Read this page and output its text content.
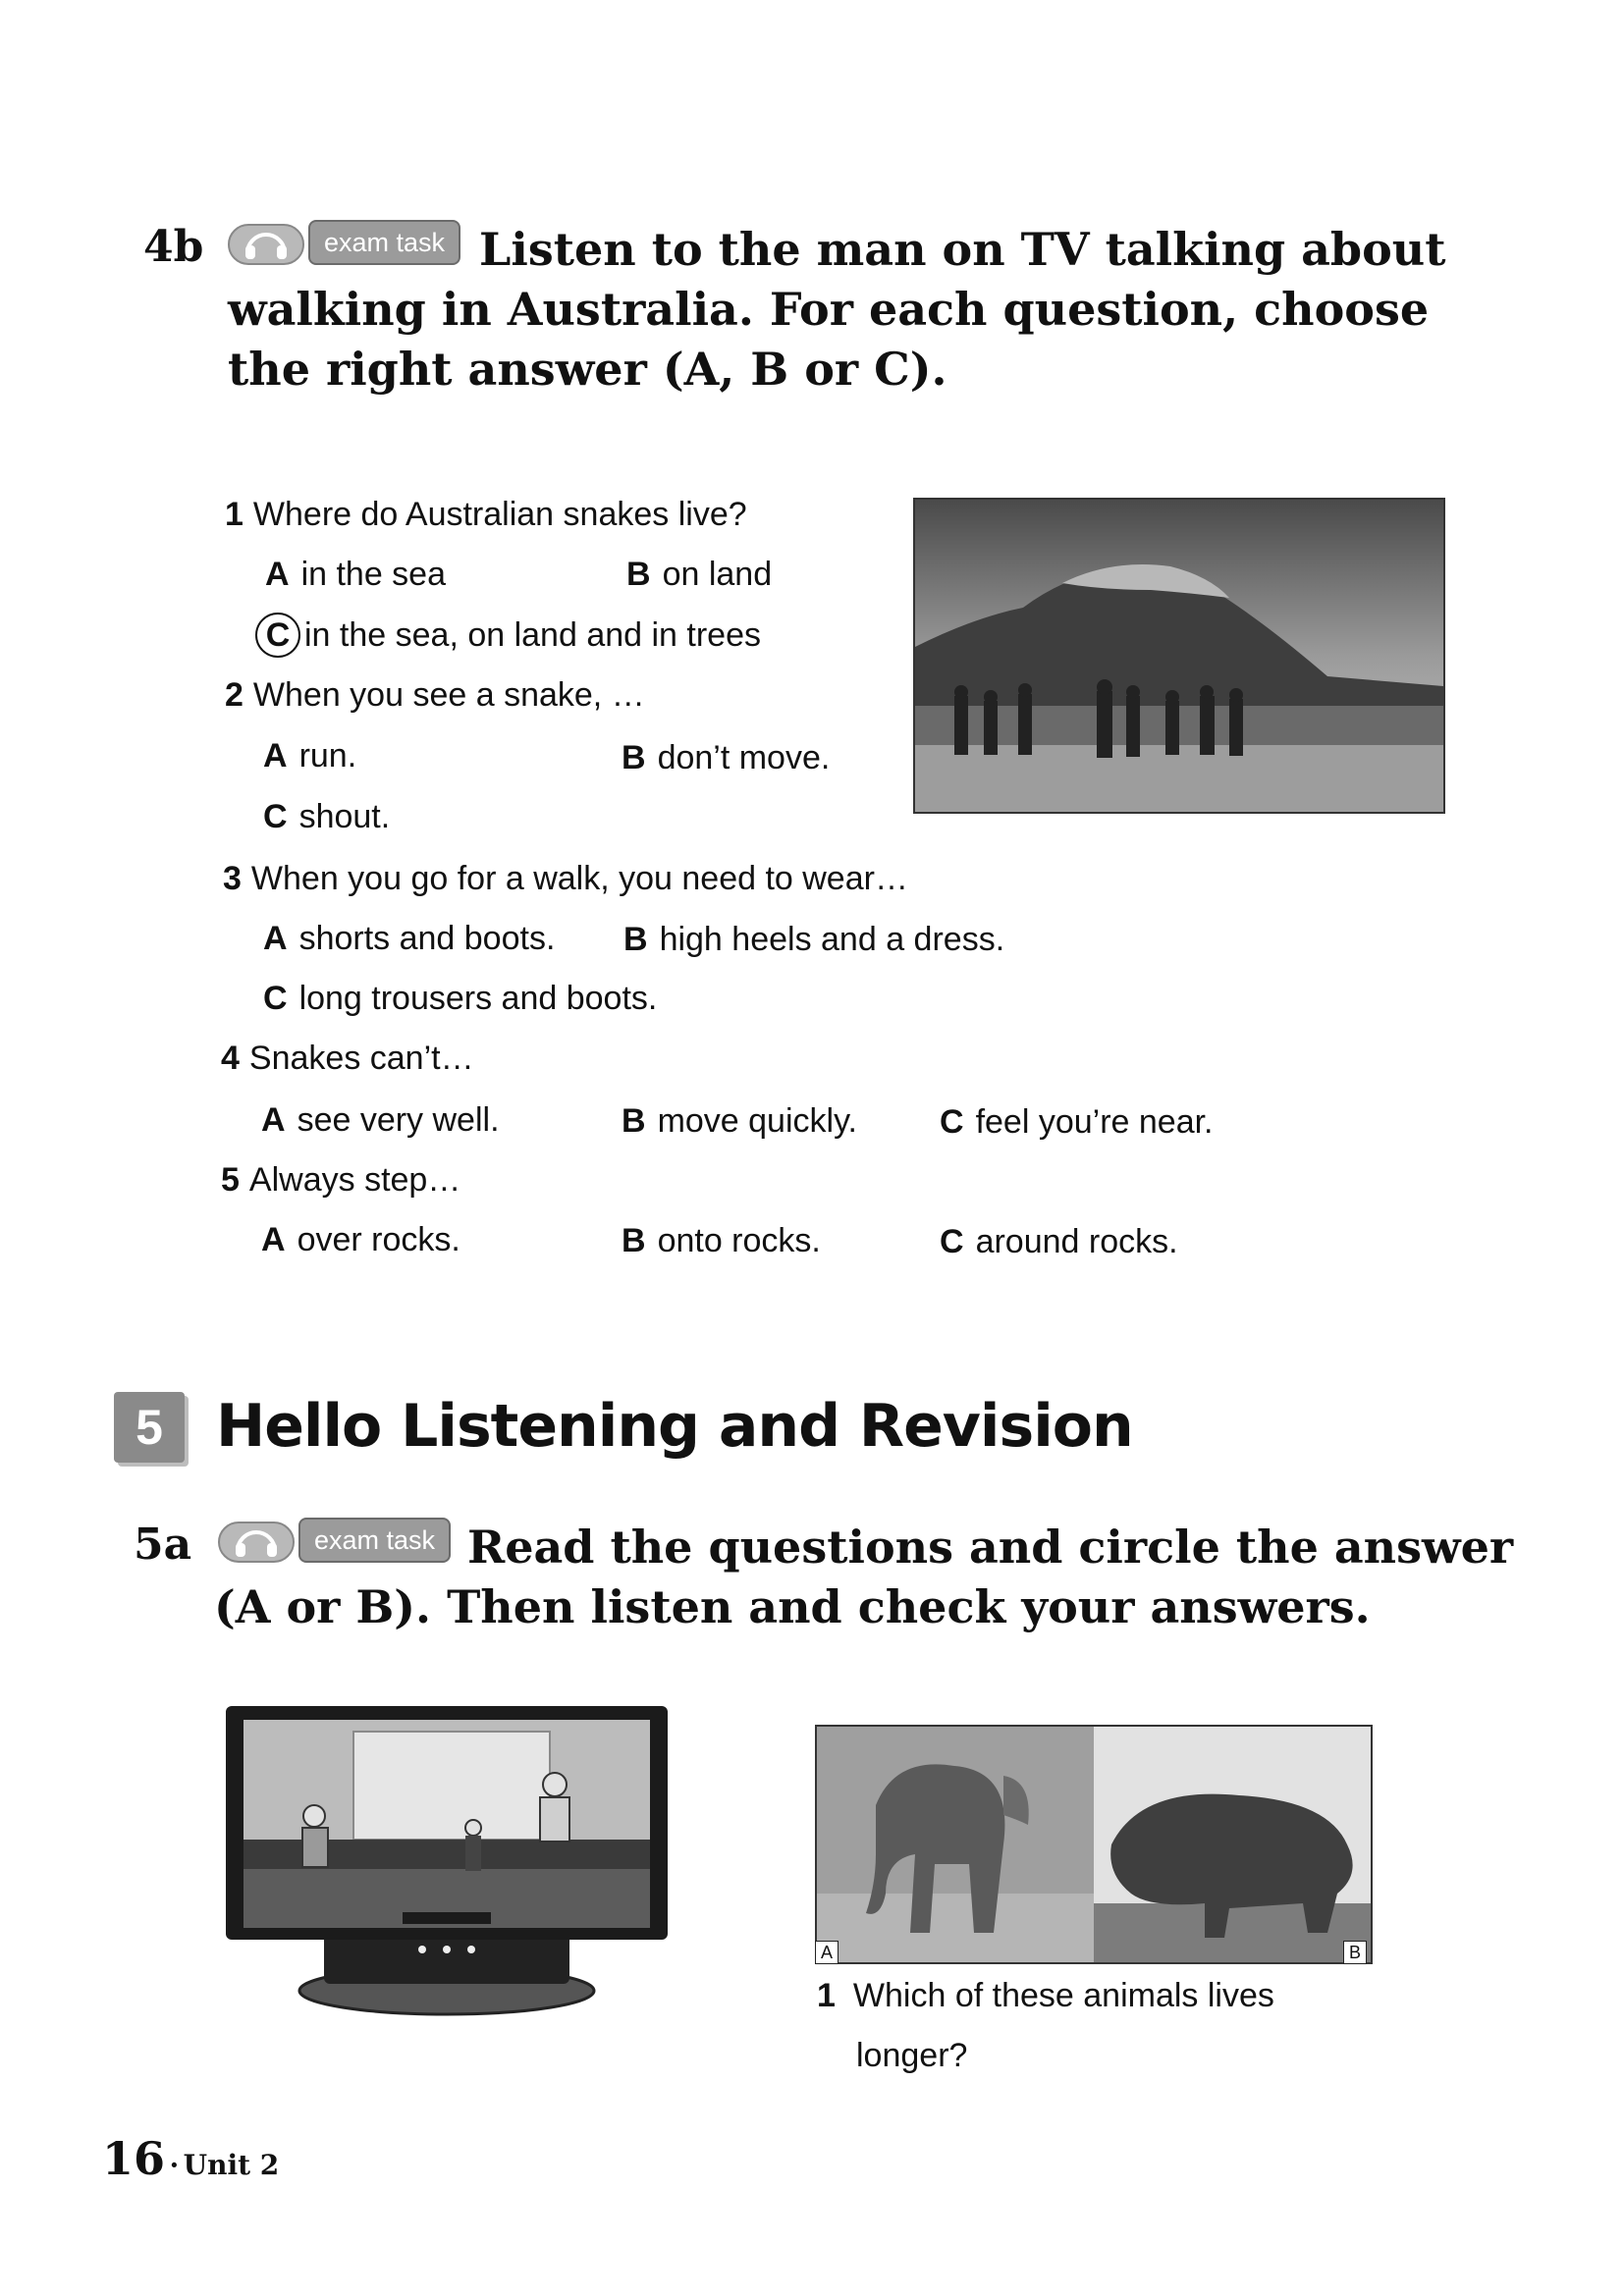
4b	exam task Listen to the man on TV talking about
walking in Australia. For each question, choose
the right answer (A, B or C).
1 Where do Australian snakes live?
A in the sea	B on land
C in the sea, on land and in trees
2 When you see a snake, …
A run.	B don’t move.
C shout.
3 When you go for a walk, you need to wear…
A shorts and boots. B high heels and a dress.
C long trousers and boots.
4 Snakes can’t…
A see very well.	B move quickly. C feel you’re near.
5 Always step…
A over rocks.	B onto rocks.	C around rocks.
5 Hello Listening and Revision
5a	exam task Read the questions and circle the answer
(A or B). Then listen and check your answers.
A	B
1 Which of these animals lives
longer?
16 · Unit 2
